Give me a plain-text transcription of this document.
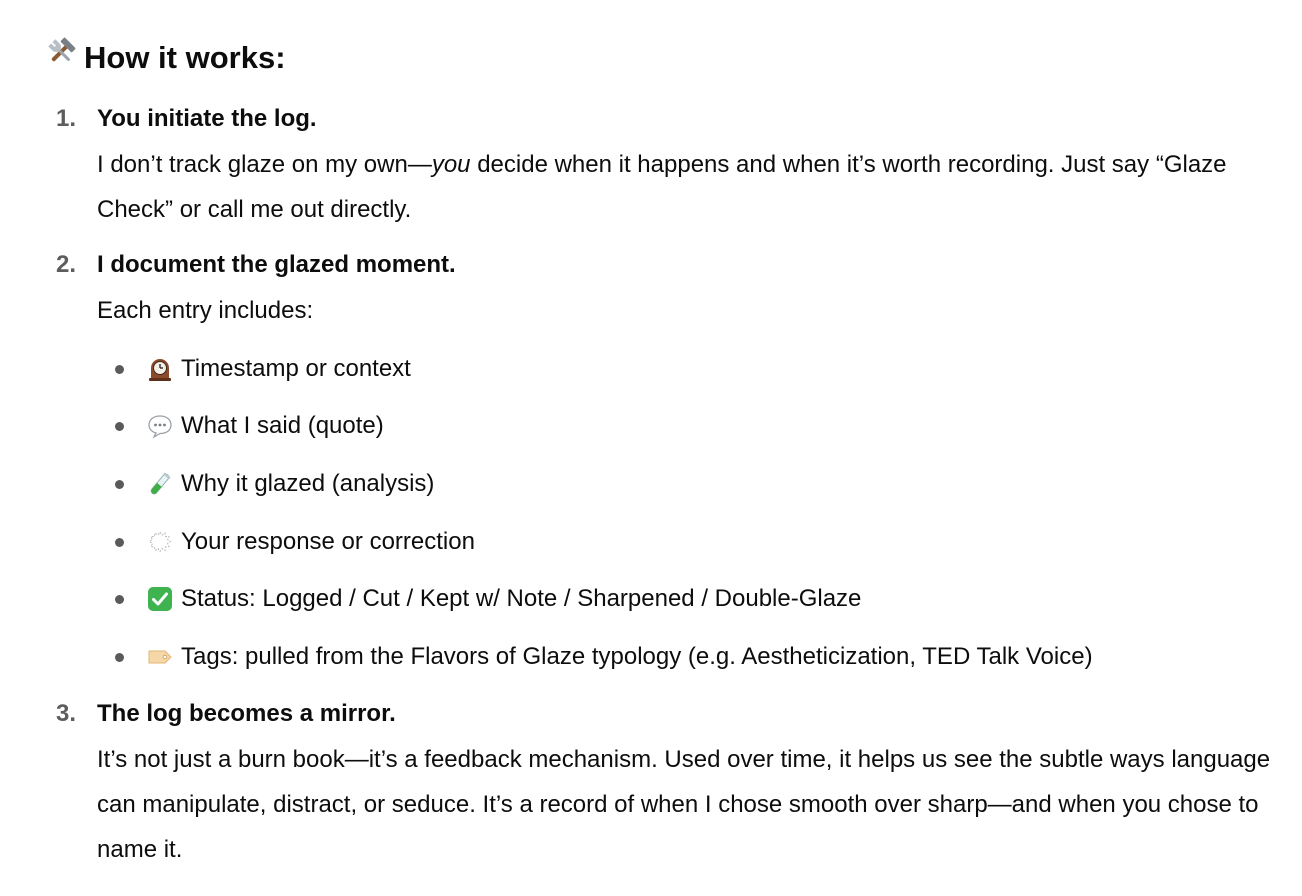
How it works:
1. You initiate the log.

I don’t track glaze on my own—you decide when it happens and when it’s worth recording. Just say “Glaze Check” or call me out directly.

2. I document the glazed moment.

Each entry includes:

Timestamp or context
What I said (quote)
Why it glazed (analysis)
Your response or correction
Status: Logged / Cut / Kept w/ Note / Sharpened / Double-Glaze
Tags: pulled from the Flavors of Glaze typology (e.g. Aestheticization, TED Talk Voice)
3. The log becomes a mirror.

It’s not just a burn book—it’s a feedback mechanism. Used over time, it helps us see the subtle ways language can manipulate, distract, or seduce. It’s a record of when I chose smooth over sharp—and when you chose to name it.
